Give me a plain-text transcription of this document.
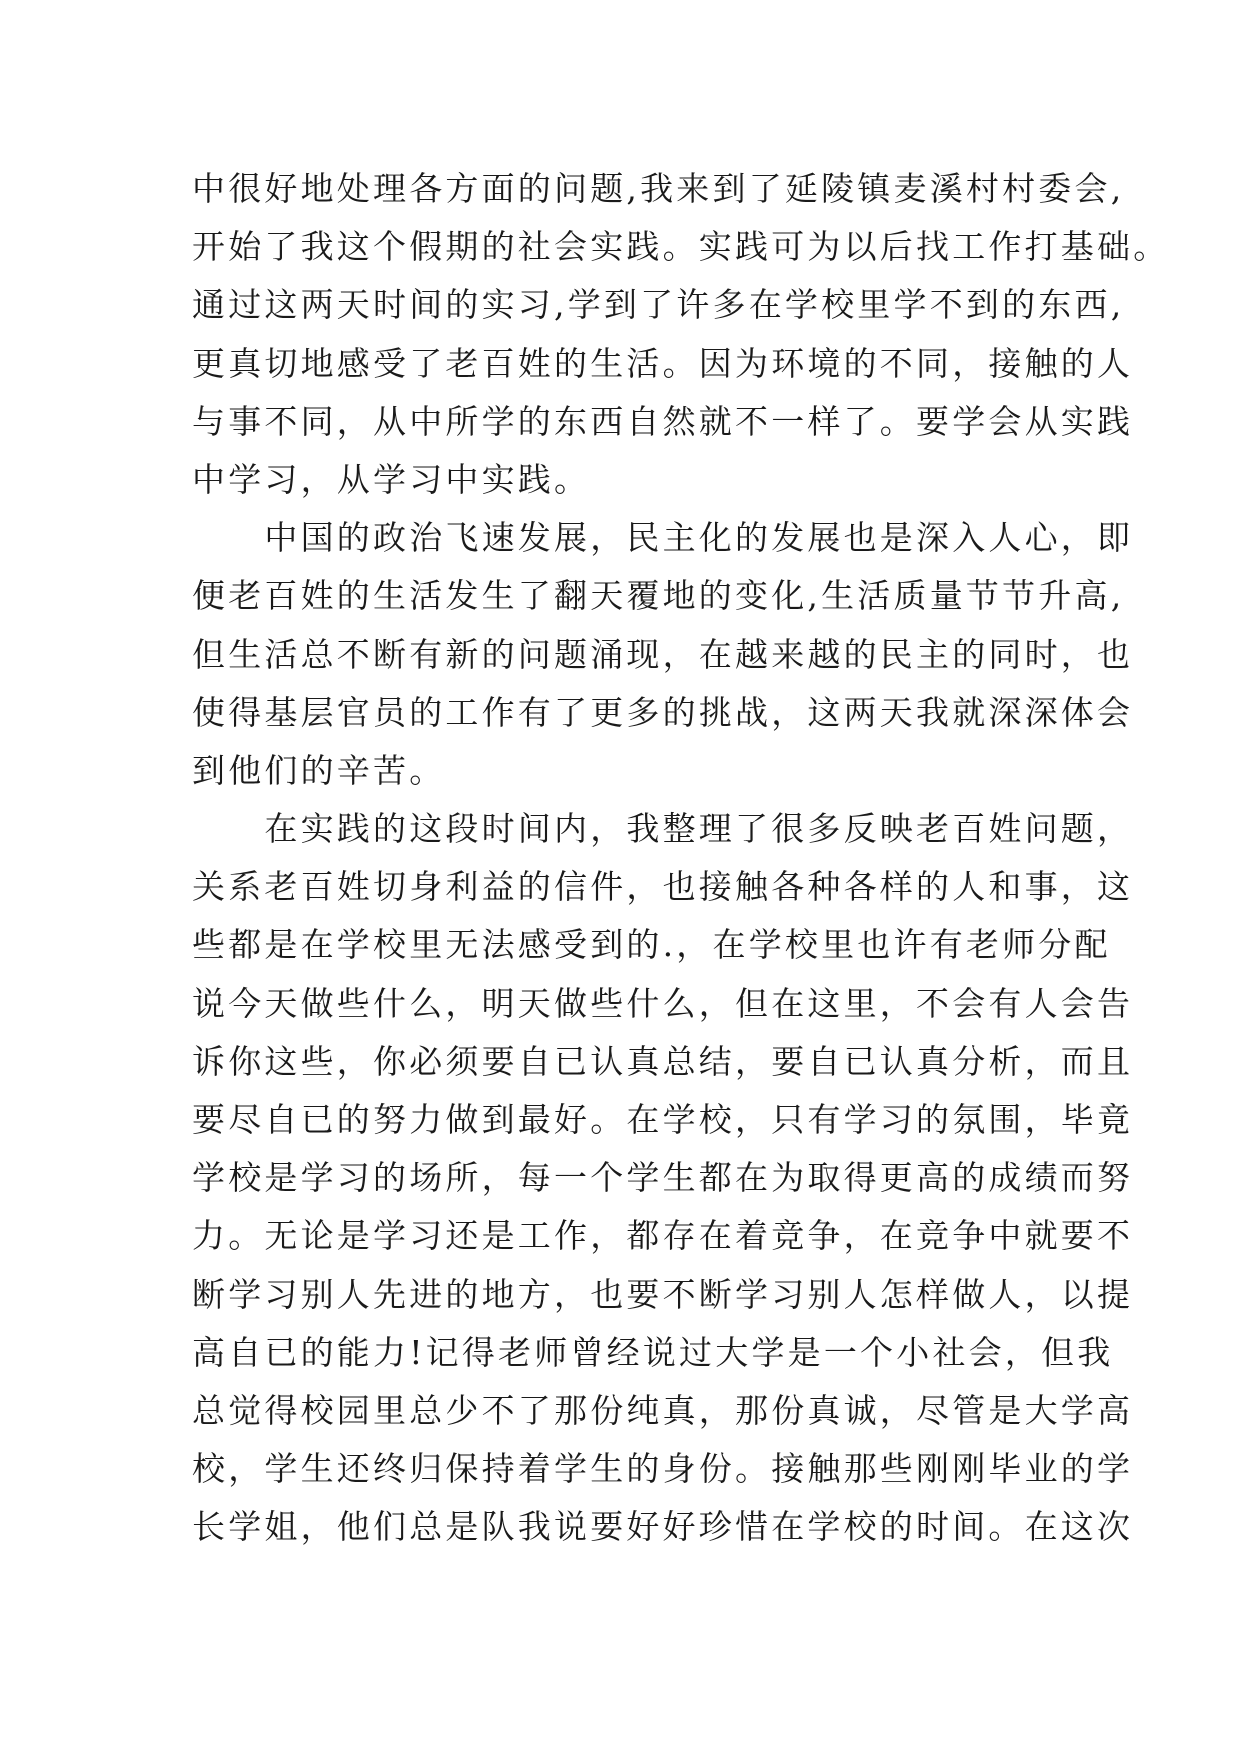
中很好地处理各方面的问题,我来到了延陵镇麦溪村村委会,
开始了我这个假期的社会实践。实践可为以后找工作打基础。
通过这两天时间的实习,学到了许多在学校里学不到的东西,
更真切地感受了老百姓的生活。因为环境的不同，接触的人
与事不同，从中所学的东西自然就不一样了。要学会从实践
中学习，从学习中实践。
　　中国的政治飞速发展，民主化的发展也是深入人心，即
便老百姓的生活发生了翻天覆地的变化,生活质量节节升高,
但生活总不断有新的问题涌现，在越来越的民主的同时，也
使得基层官员的工作有了更多的挑战，这两天我就深深体会
到他们的辛苦。
　　在实践的这段时间内，我整理了很多反映老百姓问题，
关系老百姓切身利益的信件，也接触各种各样的人和事，这
些都是在学校里无法感受到的.，在学校里也许有老师分配
说今天做些什么，明天做些什么，但在这里，不会有人会告
诉你这些，你必须要自已认真总结，要自已认真分析，而且
要尽自已的努力做到最好。在学校，只有学习的氛围，毕竟
学校是学习的场所，每一个学生都在为取得更高的成绩而努
力。无论是学习还是工作，都存在着竞争，在竞争中就要不
断学习别人先进的地方，也要不断学习别人怎样做人，以提
高自已的能力!记得老师曾经说过大学是一个小社会，但我
总觉得校园里总少不了那份纯真，那份真诚，尽管是大学高
校，学生还终归保持着学生的身份。接触那些刚刚毕业的学
长学姐，他们总是队我说要好好珍惜在学校的时间。在这次
